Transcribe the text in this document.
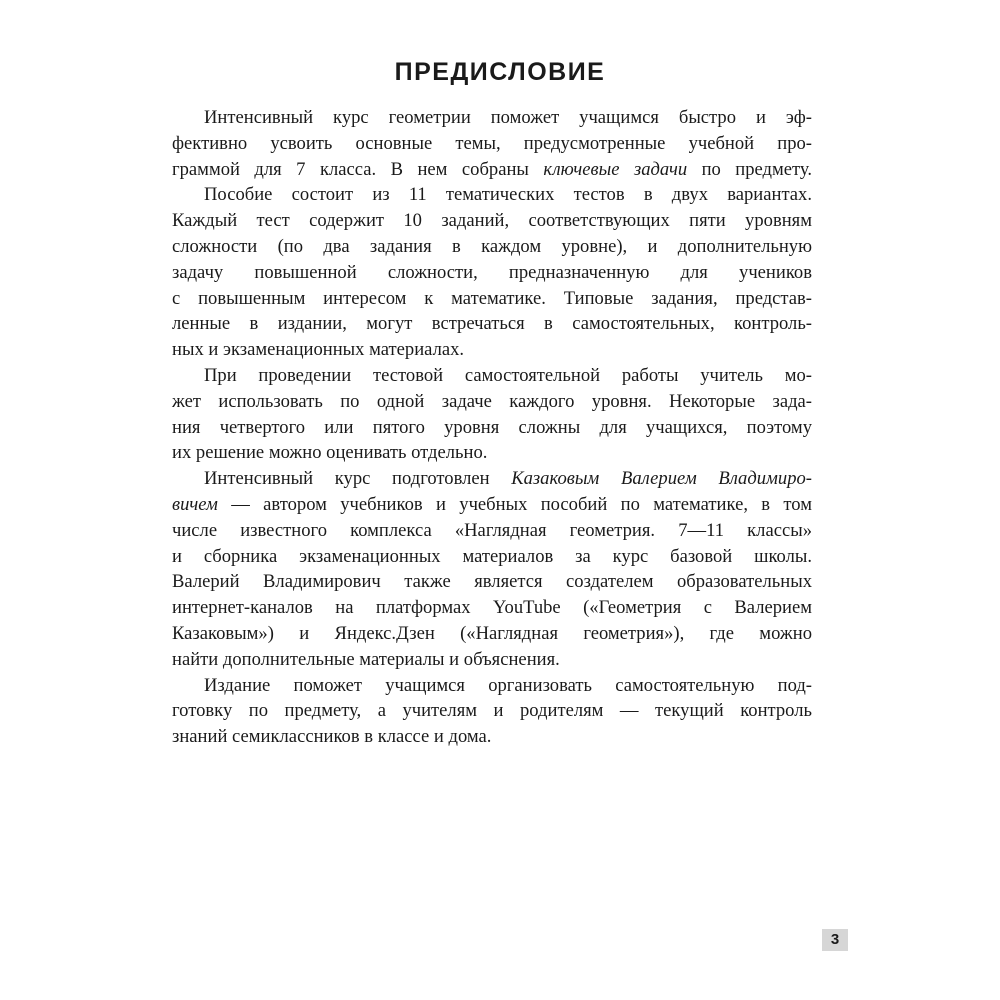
ПРЕДИСЛОВИЕ

Интенсивный курс геометрии поможет учащимся быстро и эф-
фективно усвоить основные темы, предусмотренные учебной про-
граммой для 7 класса. В нем собраны ключевые задачи по предмету.

Пособие состоит из 11 тематических тестов в двух вариантах.
Каждый тест содержит 10 заданий, соответствующих пяти уровням
сложности (по два задания в каждом уровне), и дополнительную
задачу повышенной сложности, предназначенную для учеников
с повышенным интересом к математике. Типовые задания, представ-
ленные в издании, могут встречаться в самостоятельных, контроль-
ных и экзаменационных материалах.

При проведении тестовой самостоятельной работы учитель мо-
жет использовать по одной задаче каждого уровня. Некоторые зада-
ния четвертого или пятого уровня сложны для учащихся, поэтому
их решение можно оценивать отдельно.

Интенсивный курс подготовлен Казаковым Валерием Владимиро-
вичем — автором учебников и учебных пособий по математике, в том
числе известного комплекса «Наглядная геометрия. 7—11 классы»
и сборника экзаменационных материалов за курс базовой школы.
Валерий Владимирович также является создателем образовательных
интернет-каналов на платформах YouTube («Геометрия с Валерием
Казаковым») и Яндекс.Дзен («Наглядная геометрия»), где можно
найти дополнительные материалы и объяснения.

Издание поможет учащимся организовать самостоятельную под-
готовку по предмету, а учителям и родителям — текущий контроль
знаний семиклассников в классе и дома.

3
